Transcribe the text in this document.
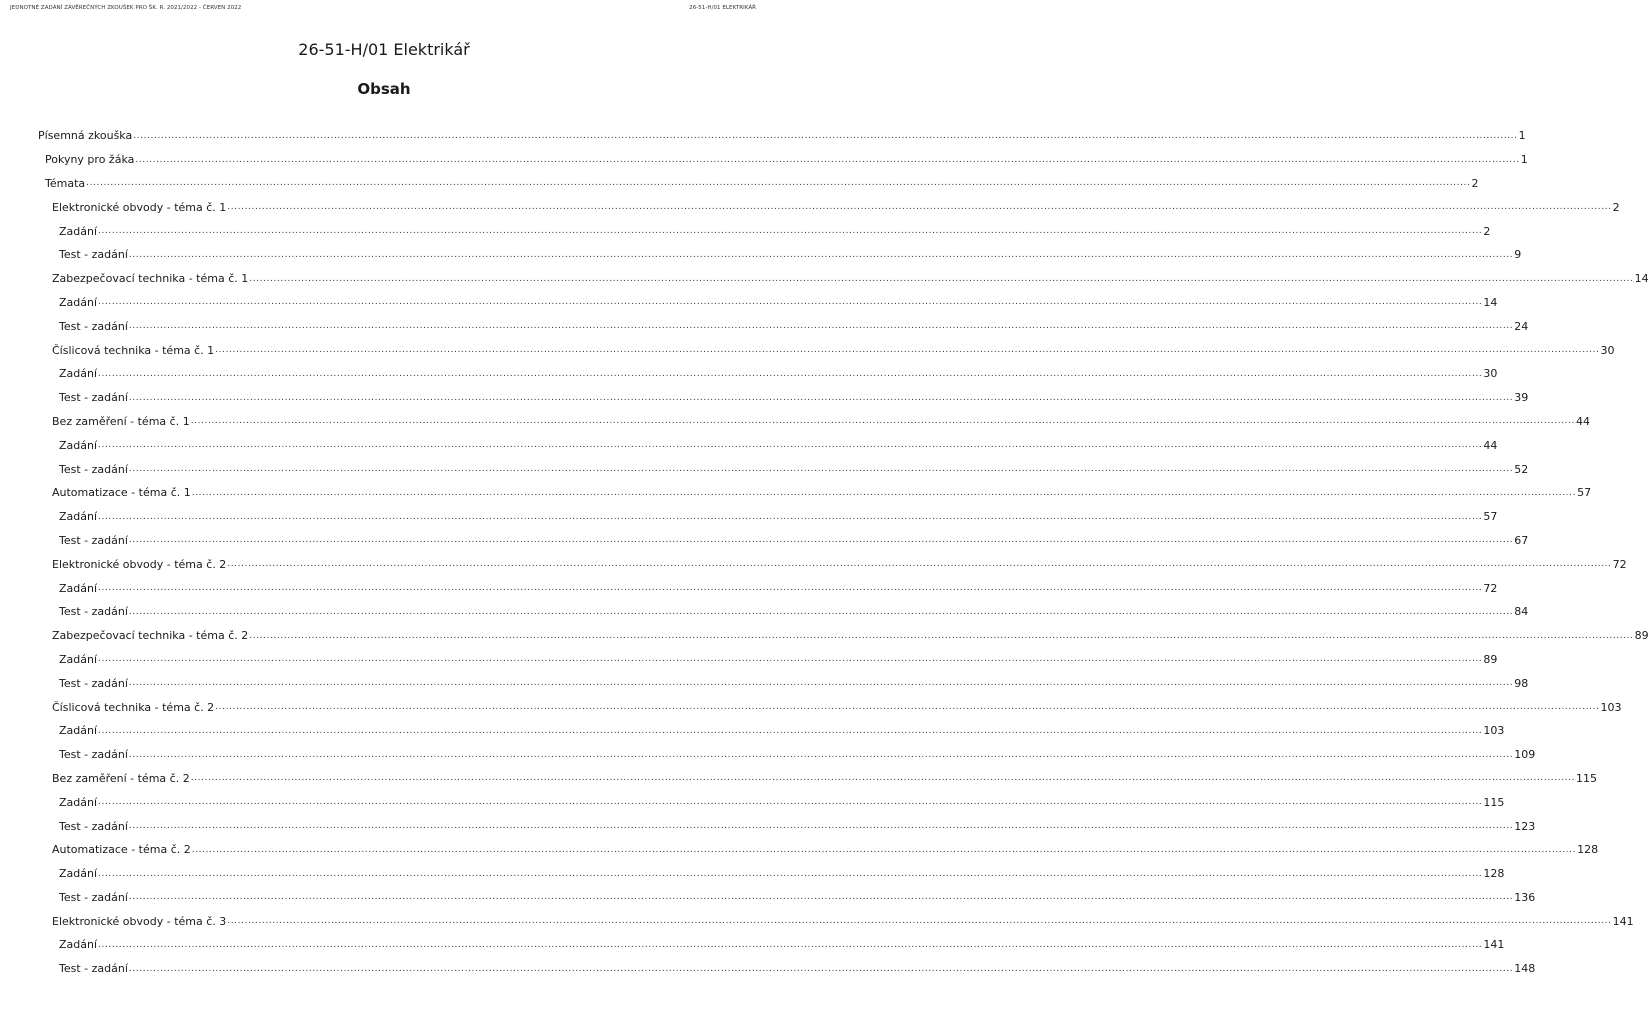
JEDNOTNÉ ZADÁNÍ ZÁVĚREČNÝCH ZKOUŠEK PRO ŠK. R. 2021/2022 - ČERVEN 2022	26-51-H/01 ELEKTRIKÁŘ
26-51-H/01 Elektrikář
Obsah
Písemná zkouška ................................................................................................................................................................................................................................................................................................................................................................................................................ 1
Pokyny pro žáka ................................................................................................................................................................................................................................................................................................................................................................................................................ 1
Témata ................................................................................................................................................................................................................................................................................................................................................................................................................ 2
Elektronické obvody - téma č. 1 ................................................................................................................................................................................................................................................................................................................................................................................................................ 2
Zadání ................................................................................................................................................................................................................................................................................................................................................................................................................ 2
Test - zadání ................................................................................................................................................................................................................................................................................................................................................................................................................ 9
Zabezpečovací technika - téma č. 1 ................................................................................................................................................................................................................................................................................................................................................................................................................ 14
Zadání ................................................................................................................................................................................................................................................................................................................................................................................................................ 14
Test - zadání ................................................................................................................................................................................................................................................................................................................................................................................................................ 24
Číslicová technika - téma č. 1 ................................................................................................................................................................................................................................................................................................................................................................................................................ 30
Zadání ................................................................................................................................................................................................................................................................................................................................................................................................................ 30
Test - zadání ................................................................................................................................................................................................................................................................................................................................................................................................................ 39
Bez zaměření - téma č. 1 ................................................................................................................................................................................................................................................................................................................................................................................................................ 44
Zadání ................................................................................................................................................................................................................................................................................................................................................................................................................ 44
Test - zadání ................................................................................................................................................................................................................................................................................................................................................................................................................ 52
Automatizace - téma č. 1 ................................................................................................................................................................................................................................................................................................................................................................................................................ 57
Zadání ................................................................................................................................................................................................................................................................................................................................................................................................................ 57
Test - zadání ................................................................................................................................................................................................................................................................................................................................................................................................................ 67
Elektronické obvody - téma č. 2 ................................................................................................................................................................................................................................................................................................................................................................................................................ 72
Zadání ................................................................................................................................................................................................................................................................................................................................................................................................................ 72
Test - zadání ................................................................................................................................................................................................................................................................................................................................................................................................................ 84
Zabezpečovací technika - téma č. 2 ................................................................................................................................................................................................................................................................................................................................................................................................................ 89
Zadání ................................................................................................................................................................................................................................................................................................................................................................................................................ 89
Test - zadání ................................................................................................................................................................................................................................................................................................................................................................................................................ 98
Číslicová technika - téma č. 2 ................................................................................................................................................................................................................................................................................................................................................................................................................ 103
Zadání ................................................................................................................................................................................................................................................................................................................................................................................................................ 103
Test - zadání ................................................................................................................................................................................................................................................................................................................................................................................................................ 109
Bez zaměření - téma č. 2 ................................................................................................................................................................................................................................................................................................................................................................................................................ 115
Zadání ................................................................................................................................................................................................................................................................................................................................................................................................................ 115
Test - zadání ................................................................................................................................................................................................................................................................................................................................................................................................................ 123
Automatizace - téma č. 2 ................................................................................................................................................................................................................................................................................................................................................................................................................ 128
Zadání ................................................................................................................................................................................................................................................................................................................................................................................................................ 128
Test - zadání ................................................................................................................................................................................................................................................................................................................................................................................................................ 136
Elektronické obvody - téma č. 3 ................................................................................................................................................................................................................................................................................................................................................................................................................ 141
Zadání ................................................................................................................................................................................................................................................................................................................................................................................................................ 141
Test - zadání ................................................................................................................................................................................................................................................................................................................................................................................................................ 148
